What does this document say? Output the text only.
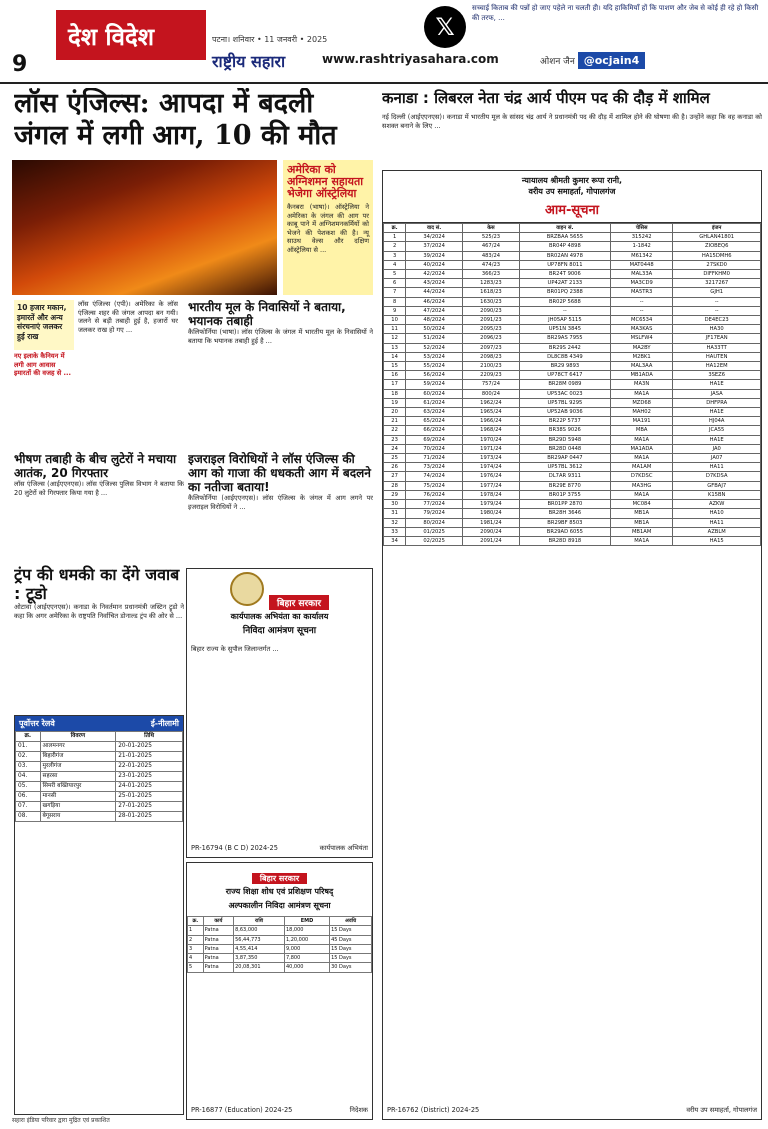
9
देश विदेश	पटना। शनिवार • 11 जनवरी • 2025
राष्ट्रीय सहारा	www.rashtriyasahara.com
𝕏
सच्चाई किताब की पन्नों हो जाए पहेले ना चलती ही। यदि हाकिमियाँ हों कि पाशण और जेब से कोई ही रहे हो किसी की तरफ, ...
ओशन जैन @ocjain4
लॉस एंजिल्स: आपदा में बदली जंगल में लगी आग, 10 की मौत
अमेरिका को अग्निशमन सहायता भेजेगा ऑस्ट्रेलिया
कैनबरा (भाषा)। ऑस्ट्रेलिया ने अमेरिका के जंगल की आग पर काबू पाने में अग्निशमनकर्मियों को भेजने की पेशकश की है। न्यू साउथ वेल्स और दक्षिण ऑस्ट्रेलिया से ...
10 हजार मकान, इमारतें और अन्य संरचनाएं जलकर हुई राख
नए इलाके कैनियन में लगी आग आवास इमारतों की वजह से ...
लॉस एंजिल्स (एपी)। अमेरिका के लॉस एंजिल्स शहर की जंगल आपदा बन गयी। जलने से बड़ी तबाही हुई है, हजारों घर जलकर राख हो गए ...
भारतीय मूल के निवासियों ने बताया, भयानक तबाही
कैलिफोर्निया (भाषा)। लॉस एंजिल्स के जंगल में भारतीय मूल के निवासियों ने बताया कि भयानक तबाही हुई है ...
भीषण तबाही के बीच लुटेरों ने मचाया आतंक, 20 गिरफ्तार
लॉस एंजिल्स (आईएएनएस)। लॉस एंजिल्स पुलिस विभाग ने बताया कि 20 लुटेरों को गिरफ्तार किया गया है ...
इजराइल विरोधियों ने लॉस एंजिल्स की आग को गाजा की धधकती आग में बदलने का नतीजा बताया!
कैलिफोर्निया (आईएएनएस)। लॉस एंजिल्स के जंगल में आग लगने पर इजराइल विरोधियों ने ...
ट्रंप की धमकी का देंगे जवाब : टूडो
ओटावा (आईएएनएस)। कनाडा के निवर्तमान प्रधानमंत्री जस्टिन ट्रूडो ने कहा कि अगर अमेरिका के राष्ट्रपति निर्वाचित डोनाल्ड ट्रंप की ओर से ...
बिहार सरकार
कार्यपालक अभियंता का कार्यालय
निविदा आमंत्रण सूचना
बिहार राज्य के सुपौल जिलान्तर्गत ...
PR-16794 (B C D) 2024-25	कार्यपालक अभियंता
पूर्वोत्तर रेलवे	ई-नीलामी
क्र.	विवरण	तिथि
01.	आलमनगर	20-01-2025
02.	बिहारीगंज	21-01-2025
03.	मुरलीगंज	22-01-2025
04.	सहरसा	23-01-2025
05.	सिमरी बख्तियारपुर	24-01-2025
06.	मानसी	25-01-2025
07.	खगड़िया	27-01-2025
08.	बेगूसराय	28-01-2025
बिहार सरकार
राज्य शिक्षा शोध एवं प्रशिक्षण परिषद्
अल्पकालीन निविदा आमंत्रण सूचना
क्र.	कार्य	राशि	EMD	अवधि
1	Patna	8,63,000	18,000	15 Days
2	Patna	56,44,773	1,20,000	45 Days
3	Patna	4,55,414	9,000	15 Days
4	Patna	3,87,350	7,800	15 Days
5	Patna	20,08,301	40,000	30 Days
PR-16877 (Education) 2024-25	निदेशक
कनाडा : लिबरल नेता चंद्र आर्य पीएम पद की दौड़ में शामिल
नई दिल्ली (आईएएनएस)। कनाडा में भारतीय मूल के सांसद चंद्र आर्य ने प्रधानमंत्री पद की दौड़ में शामिल होने की घोषणा की है। उन्होंने कहा कि वह कनाडा को सशक्त बनाने के लिए ...
न्यायालय श्रीमती कुमार रूपा रानी,
वरीय उप समाहर्ता, गोपालगंज
आम-सूचना
क्र.	वाद सं.	केस	वाहन सं.	चेसिस	इंजन
1	34/2024	525/23	BRZBAA 5655	315242	GHLAN41801
2	37/2024	467/24	BR04P 4898	1-1842	ZIOBEQ6
3	39/2024	483/24	BR02AN 4978	M61342	HA15DMH6
4	40/2024	474/23	UP78FN 8011	MAT0448	27SKD0
5	42/2024	366/23	BR24T 9006	MAL33A	DIFFKHM0
6	43/2024	1283/23	UP42AT 2133	MA3CD9	3217267
7	44/2024	1618/23	BR01PQ 2388	MA5TR3	GJH1
8	46/2024	1630/23	BR02P 5688	--	--
9	47/2024	2090/23	--	--	--
10	48/2024	2091/23	JH05AP 5115	MC6534	DE4EC23
11	50/2024	2095/23	UP51N 3845	MA3KAS	HA30
12	51/2024	2096/23	BR29AS 7955	MSLFW4	JF17EAN
13	52/2024	2097/23	BR29S 2442	MA2BY	HA33TT
14	53/2024	2098/23	DL8C8B 4349	M2BK1	HAUTEN
15	55/2024	2100/23	BR29 9893	MAL3AA	HA12EM
16	56/2024	2209/23	UP78CT 6417	MB1ADA	3SEZ6
17	59/2024	757/24	BR28M 0989	MA3N	HA1E
18	60/2024	800/24	UP53AC 0023	MA1A	JASA
19	61/2024	1962/24	UP57BL 9295	MZD68	DHFPRA
20	63/2024	1965/24	UP52AB 9036	MAH02	HA1E
21	65/2024	1966/24	BR22P 5737	MA191	HJ04A
22	66/2024	1968/24	BR38S 9026	MBA	JCA55
23	69/2024	1970/24	BR29D 5948	MA1A	HA1E
24	70/2024	1971/24	BR28D 0448	MA1ADA	JA0
25	71/2024	1973/24	BR29AP 0447	MA1A	JA07
26	73/2024	1974/24	UP57BL 3612	MA1AM	HA11
27	74/2024	1976/24	DL7AR 9311	D7KDSC	D7KDSA
28	75/2024	1977/24	BR29E 8770	MA3HG	GFBAJ7
29	76/2024	1978/24	BR01P 3755	MA1A	K15BN
30	77/2024	1979/24	BR01PP 2870	MC084	AZKW
31	79/2024	1980/24	BR28H 3646	MB1A	HA10
32	80/2024	1981/24	BR29BF 8503	MB1A	HA11
33	01/2025	2090/24	BR29AD 6055	MB1AM	AZBLM
34	02/2025	2091/24	BR28D 8918	MA1A	HA15
PR-16762 (District) 2024-25	वरीय उप समाहर्ता, गोपालगंज
सहारा इंडिया परिवार द्वारा मुद्रित एवं प्रकाशित
